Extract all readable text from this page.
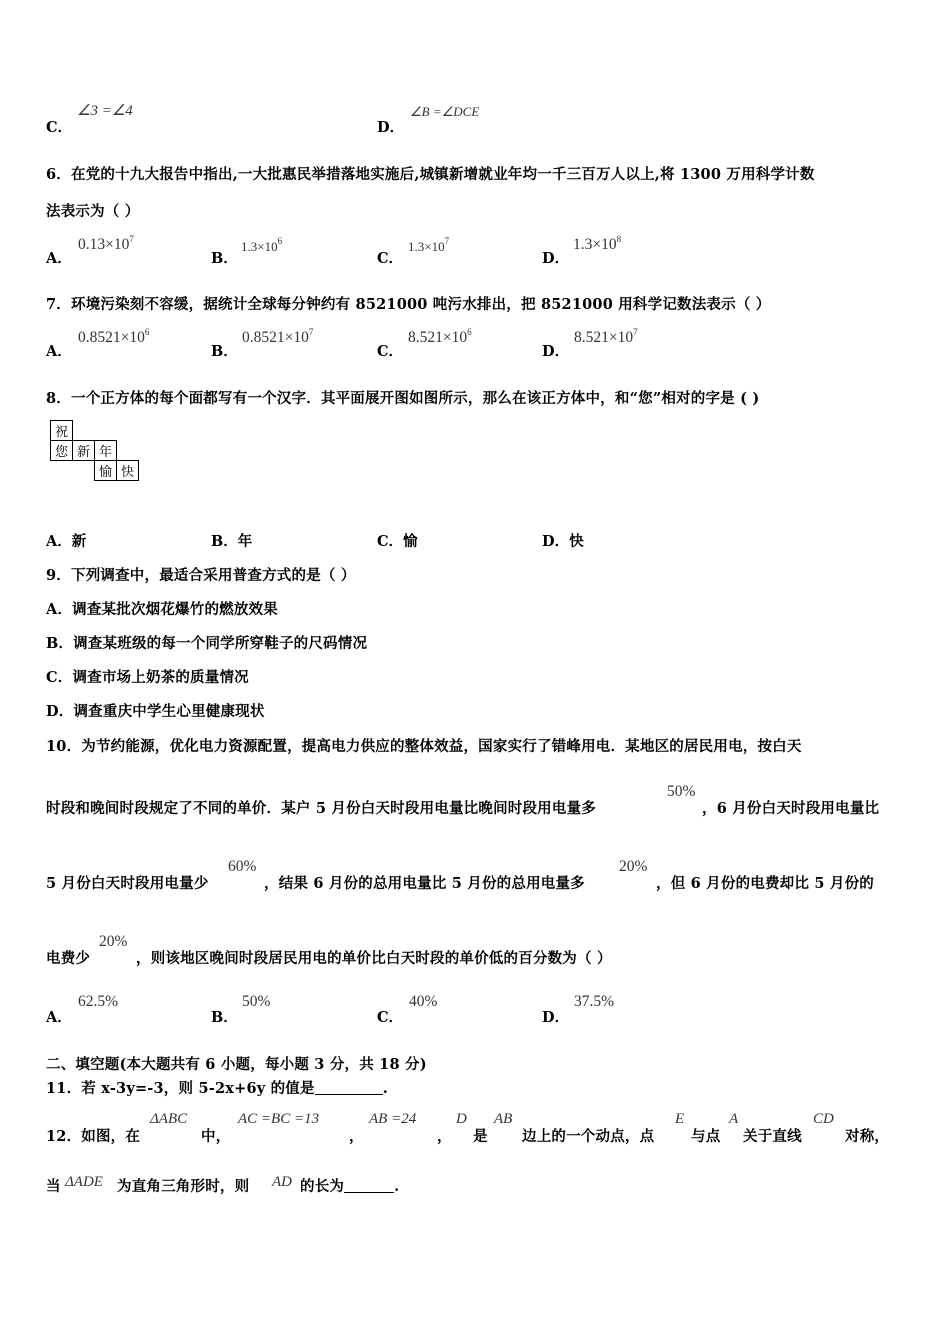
C．
∠3 =∠4
D．
∠B =∠DCE
6．在党的十九大报告中指出,一大批惠民举措落地实施后,城镇新增就业年均一千三百万人以上,将 1300 万用科学计数
法表示为（ ）
A．
$0.13\times 10^7$
B．
$1.3\times 10^6$
C．
$1.3\times 10^7$
D．
$1.3\times 10^8$
7．环境污染刻不容缓，据统计全球每分钟约有 8521000 吨污水排出，把 8521000 用科学记数法表示（ ）
A．
$0.8521\times 10^6$
B．
$0.8521\times 10^7$
C．
$8.521\times 10^6$
D．
$8.521\times 10^7$
8．一个正方体的每个面都写有一个汉字．其平面展开图如图所示，那么在该正方体中，和“您”相对的字是 ( )
祝			
您	新	年	
		愉	快
A．新	B．年	C．愉	D．快
9．下列调查中，最适合采用普查方式的是（ ）
A．调查某批次烟花爆竹的燃放效果
B．调查某班级的每一个同学所穿鞋子的尺码情况
C．调查市场上奶茶的质量情况
D．调查重庆中学生心里健康现状
10．为节约能源，优化电力资源配置，提高电力供应的整体效益，国家实行了错峰用电．某地区的居民用电，按白天
时段和晚间时段规定了不同的单价．某户 5 月份白天时段用电量比晚间时段用电量多
50%
，6 月份白天时段用电量比
5 月份白天时段用电量少
60%
，结果 6 月份的总用电量比 5 月份的总用电量多
20%
，但 6 月份的电费却比 5 月份的
电费少
20%
，则该地区晚间时段居民用电的单价比白天时段的单价低的百分数为（ ）
A．
62.5%
B．
50%
C．
40%
D．
37.5%
二、填空题(本大题共有 6 小题，每小题 3 分，共 18 分)
11．若 x-3y=-3，则 5-2x+6y 的值是	.
12．如图，在
ΔABC
中，
AC =BC =13
，
AB =24
，
D
是
AB
边上的一个动点，点
E
与点
A
关于直线
CD
对称，
当 ΔADE 为直角三角形时，则 AD 的长为	.
